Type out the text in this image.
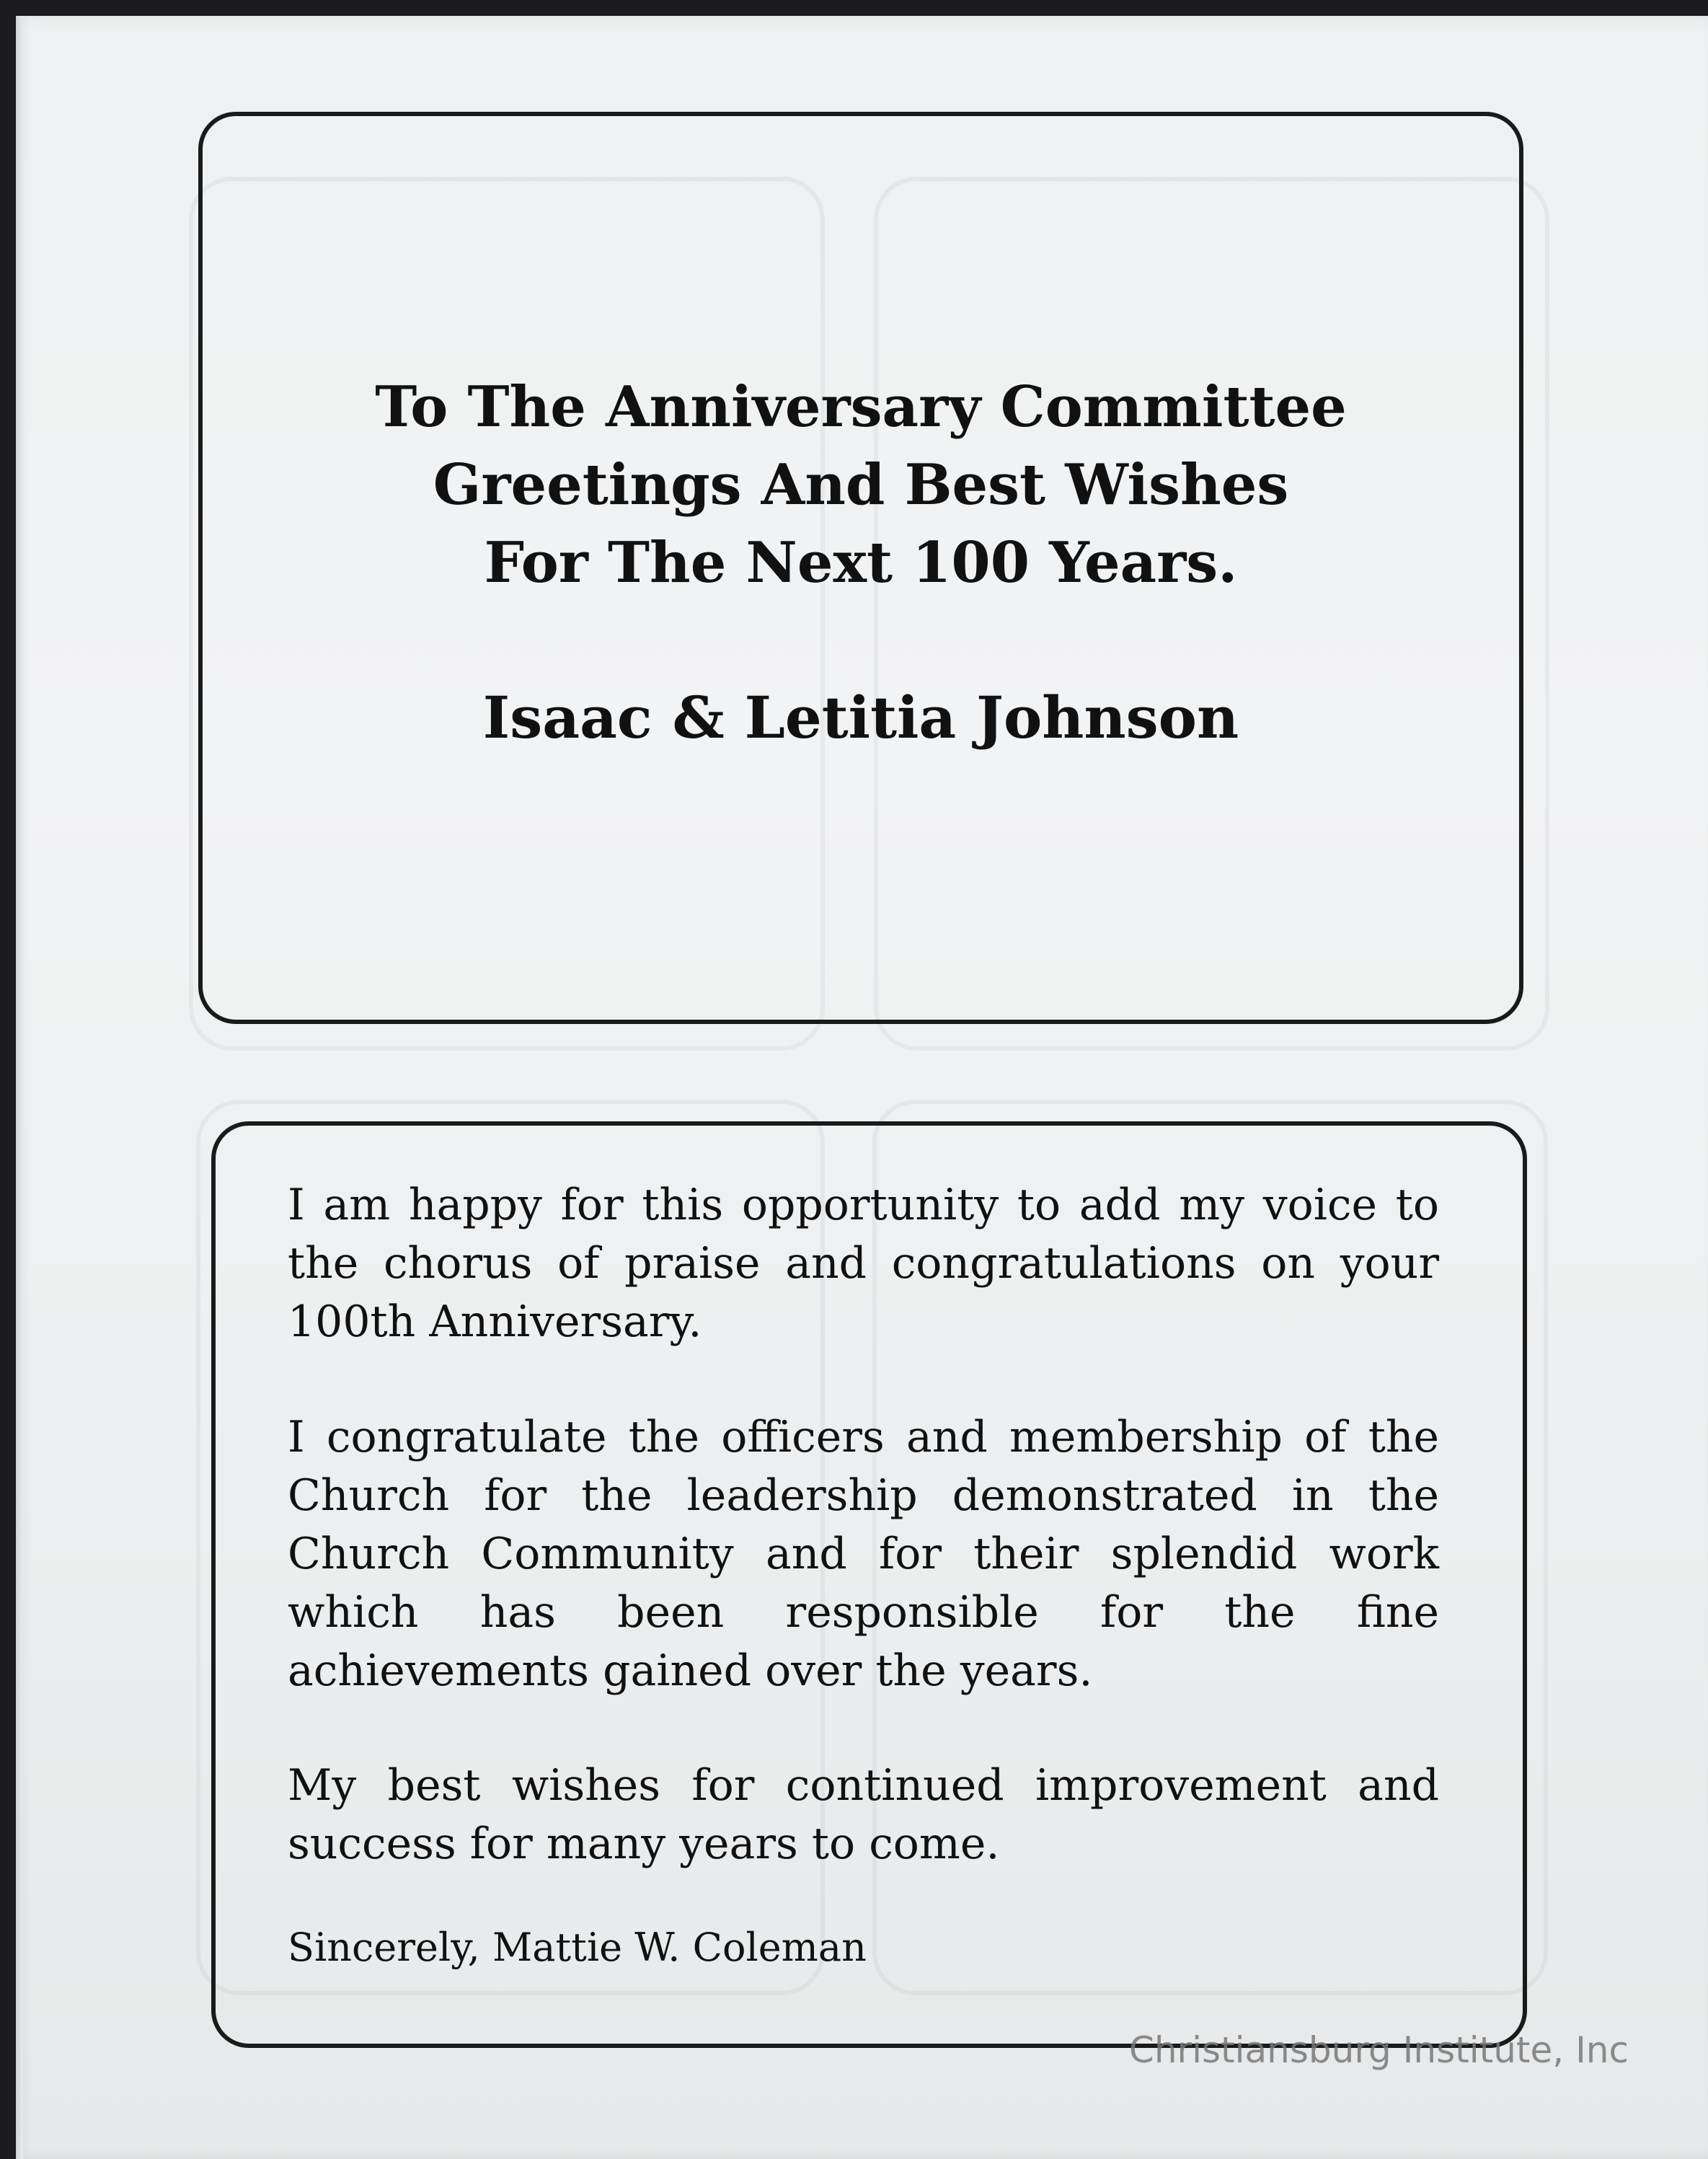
To The Anniversary Committee

Greetings And Best Wishes

For The Next 100 Years.

Isaac & Letitia Johnson

I am happy for this opportunity to add my voice to the chorus of praise and congratulations on your 100th Anniversary.

I congratulate the officers and membership of the Church for the leadership demonstrated in the Church Community and for their splendid work which has been responsible for the fine achievements gained over the years.

My best wishes for continued improvement and success for many years to come.

Sincerely, Mattie W. Coleman

Christiansburg Institute, Inc
